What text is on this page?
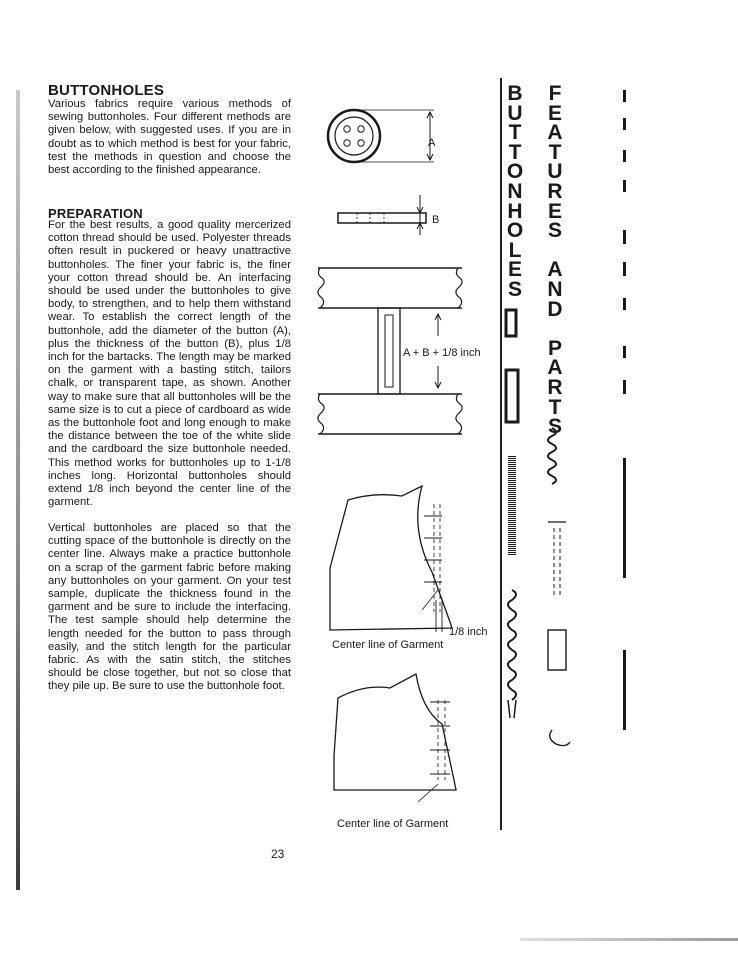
BUTTONHOLES
Various fabrics require various methods of sewing buttonholes. Four different methods are given below, with suggested uses. If you are in doubt as to which method is best for your fabric, test the methods in question and choose the best according to the finished appearance.
PREPARATION
For the best results, a good quality mercerized cotton thread should be used. Polyester threads often result in puckered or heavy unattractive buttonholes. The finer your fabric is, the finer your cotton thread should be. An interfacing should be used under the buttonholes to give body, to strengthen, and to help them withstand wear. To establish the correct length of the buttonhole, add the diameter of the button (A), plus the thickness of the button (B), plus 1/8 inch for the bartacks. The length may be marked on the garment with a basting stitch, tailors chalk, or transparent tape, as shown. Another way to make sure that all buttonholes will be the same size is to cut a piece of cardboard as wide as the buttonhole foot and long enough to make the distance between the toe of the white slide and the cardboard the size buttonhole needed. This method works for buttonholes up to 1-1/8 inches long. Horizontal buttonholes should extend 1/8 inch beyond the center line of the garment.
Vertical buttonholes are placed so that the cutting space of the buttonhole is directly on the center line. Always make a practice buttonhole on a scrap of the garment fabric before making any buttonholes on your garment. On your test sample, duplicate the thickness found in the garment and be sure to include the interfacing. The test sample should help determine the length needed for the button to pass through easily, and the stitch length for the particular fabric. As with the satin stitch, the stitches should be close together, but not so close that they pile up. Be sure to use the buttonhole foot.
A
B
A + B + 1/8 inch
1/8 inch
Center line of Garment
Center line of Garment
B
U
T
T
O
N
H
O
L
E
S
F
E
A
T
U
R
E
S
A
N
D
P
A
R
T
S
23
